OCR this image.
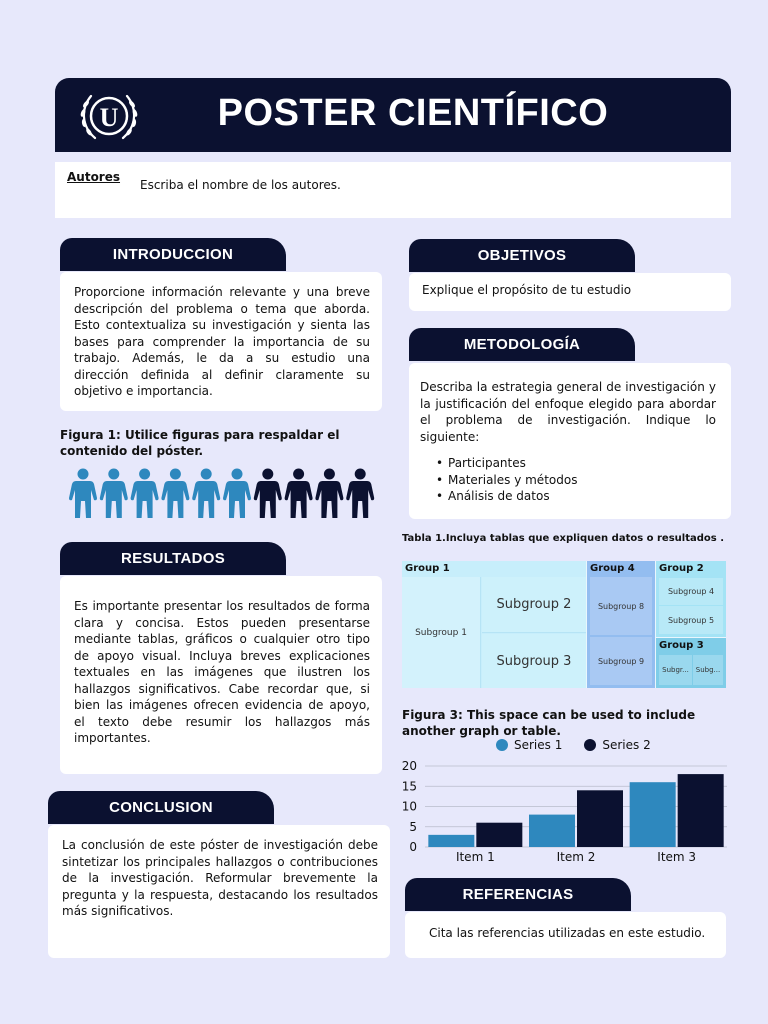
U	POSTER CIENTÍFICO
Autores
Escriba el nombre de los autores.
INTRODUCCION
Proporcione información relevante y una breve descripción del problema o tema que aborda. Esto contextualiza su investigación y sienta las bases para comprender la importancia de su trabajo. Además, le da a su estudio una dirección definida al definir claramente su objetivo e importancia.
Figura 1: Utilice figuras para respaldar el contenido del póster.
RESULTADOS
Es importante presentar los resultados de forma clara y concisa. Estos pueden presentarse mediante tablas, gráficos o cualquier otro tipo de apoyo visual. Incluya breves explicaciones textuales en las imágenes que ilustren los hallazgos significativos. Cabe recordar que, si bien las imágenes ofrecen evidencia de apoyo, el texto debe resumir los hallazgos más importantes.
CONCLUSION
La conclusión de este póster de investigación debe sintetizar los principales hallazgos o contribuciones de la investigación. Reformular brevemente la pregunta y la respuesta, destacando los resultados más significativos.
OBJETIVOS
Explique el propósito de tu estudio
METODOLOGÍA
Describa la estrategia general de investigación y la justificación del enfoque elegido para abordar el problema de investigación. Indique lo siguiente:
• Participantes
• Materiales y métodos
• Análisis de datos
Tabla 1.Incluya tablas que expliquen datos o resultados .
Group 1
Subgroup 1
Subgroup 2
Subgroup 3
Group 4
Subgroup 8
Subgroup 9
Group 2
Subgroup 4
Subgroup 5
Group 3
Subgr... Subg...
Figura 3: This space can be used to include another graph or table.
Series 1	Series 2
0
5
10
15
20
Item 1	Item 2	Item 3
REFERENCIAS
Cita las referencias utilizadas en este estudio.
